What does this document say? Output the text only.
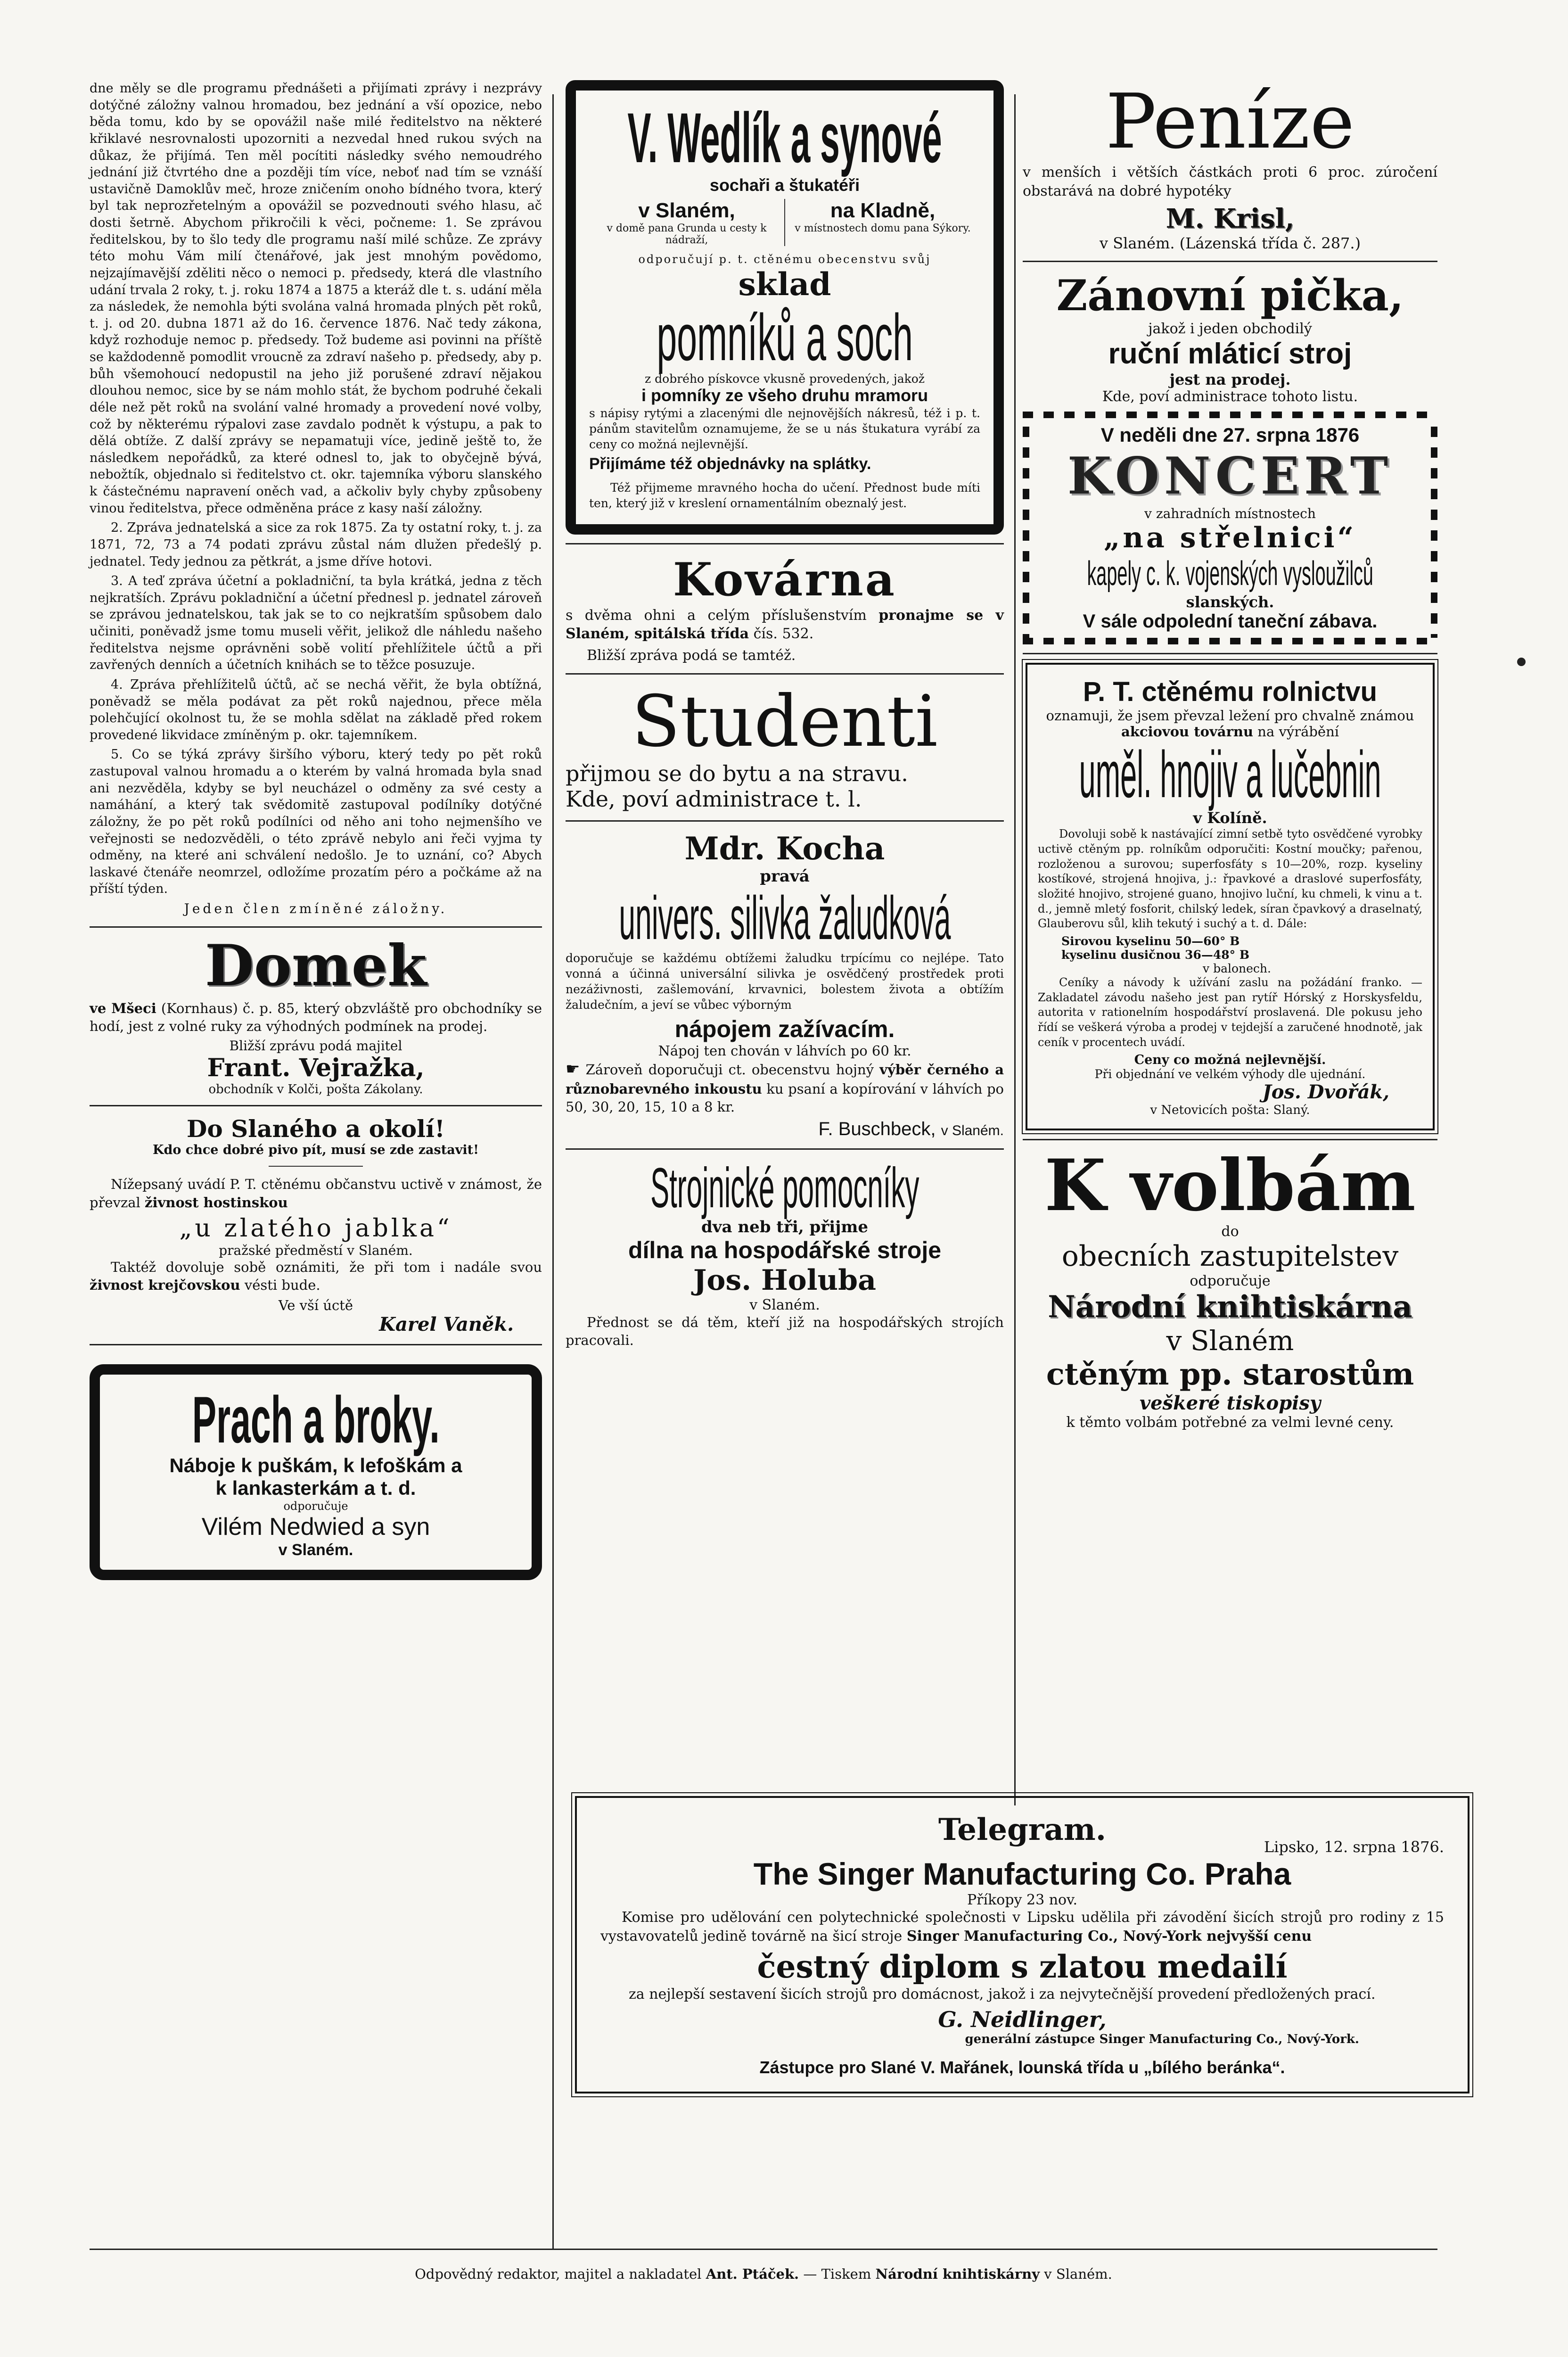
dne měly se dle programu přednášeti a přijímati zprávy i nezprávy dotýčné záložny valnou hromadou, bez jednání a vší opozice, nebo běda tomu, kdo by se opovážil naše milé ředitelstvo na některé křiklavé nesrovnalosti upozorniti a nezvedal hned rukou svých na důkaz, že přijímá. Ten měl pocítiti následky svého nemoudrého jednání již čtvrtého dne a později tím více, neboť nad tím se vznáší ustavičně Damoklův meč, hroze zničením onoho bídného tvora, který byl tak neprozřetelným a opovážil se pozvednouti svého hlasu, ač dosti šetrně. Abychom přikročili k věci, počneme: 1. Se zprávou ředitelskou, by to šlo tedy dle programu naší milé schůze. Ze zprávy této mohu Vám milí čtenářové, jak jest mnohým povědomo, nejzajímavější zděliti něco o nemoci p. předsedy, která dle vlastního udání trvala 2 roky, t. j. roku 1874 a 1875 a kteráž dle t. s. udání měla za následek, že nemohla býti svolána valná hromada plných pět roků, t. j. od 20. dubna 1871 až do 16. července 1876. Nač tedy zákona, když rozhoduje nemoc p. předsedy. Tož budeme asi povinni na příště se každodenně pomodlit vroucně za zdraví našeho p. předsedy, aby p. bůh všemohoucí nedopustil na jeho již porušené zdraví nějakou dlouhou nemoc, sice by se nám mohlo stát, že bychom podruhé čekali déle než pět roků na svolání valné hromady a provedení nové volby, což by některému rýpalovi zase zavdalo podnět k výstupu, a pak to dělá obtíže. Z další zprávy se nepamatuji více, jedině ještě to, že následkem nepořádků, za které odnesl to, jak to obyčejně bývá, nebožtík, objednalo si ředitelstvo ct. okr. tajemníka výboru slanského k částečnému napravení oněch vad, a ačkoliv byly chyby způsobeny vinou ředitelstva, přece odměněna práce z kasy naší záložny.

2. Zpráva jednatelská a sice za rok 1875. Za ty ostatní roky, t. j. za 1871, 72, 73 a 74 podati zprávu zůstal nám dlužen předešlý p. jednatel. Tedy jednou za pětkrát, a jsme dříve hotovi.

3. A teď zpráva účetní a pokladniční, ta byla krátká, jedna z těch nejkratších. Zprávu pokladniční a účetní přednesl p. jednatel zároveň se zprávou jednatelskou, tak jak se to co nejkratším spůsobem dalo učiniti, poněvadž jsme tomu museli věřit, jelikož dle náhledu našeho ředitelstva nejsme oprávněni sobě volití přehlížitele účtů a při zavřených denních a účetních knihách se to těžce posuzuje.

4. Zpráva přehlížitelů účtů, ač se nechá věřit, že byla obtížná, poněvadž se měla podávat za pět roků najednou, přece měla polehčující okolnost tu, že se mohla sdělat na základě před rokem provedené likvidace zmíněným p. okr. tajemníkem.

5. Co se týká zprávy širšího výboru, který tedy po pět roků zastupoval valnou hromadu a o kterém by valná hromada byla snad ani nezvěděla, kdyby se byl neucházel o odměny za své cesty a namáhání, a který tak svědomitě zastupoval podílníky dotýčné záložny, že po pět roků podílníci od něho ani toho nejmenšího ve veřejnosti se nedozvěděli, o této zprávě nebylo ani řeči vyjma ty odměny, na které ani schválení nedošlo. Je to uznání, co? Abych laskavé čtenáře neomrzel, odložíme prozatím péro a počkáme až na příští týden.

Jeden člen zmíněné záložny.

Domek

ve Mšeci (Kornhaus) č. p. 85, který obzvláště pro obchodníky se hodí, jest z volné ruky za výhodných podmínek na prodej.

Bližší zprávu podá majitel
Frant. Vejražka,
obchodník v Kolči, pošta Zákolany.
Do Slaného a okolí!
Kdo chce dobré pivo pít, musí se zde zastavit!

Nížepsaný uvádí P. T. ctěnému občanstvu uctivě v známost, že převzal živnost hostinskou

„u zlatého jablka“
pražské předměstí v Slaném.

Taktéž dovoluje sobě oznámiti, že při tom i nadále svou živnost krejčovskou vésti bude.

Ve vší úctě
Karel Vaněk.
Prach a broky.
Náboje k puškám, k lefoškám a
k lankasterkám a t. d.
odporučuje
Vilém Nedwied a syn
v Slaném.
V. Wedlík a synové
sochaři a štukatéři
v Slaném,
v domě pana Grunda u cesty k nádraží,
na Kladně,
v místnostech domu pana Sýkory.
odporučují p. t. ctěnému obecenstvu svůj
sklad
pomníků a soch
z dobrého pískovce vkusně provedených, jakož
i pomníky ze všeho druhu mramoru

s nápisy rytými a zlacenými dle nejnovějších nákresů, též i p. t. pánům stavitelům oznamujeme, že se u nás štukatura vyrábí za ceny co možná nejlevnější.

Přijímáme též objednávky na splátky.

Též přijmeme mravného hocha do učení. Přednost bude míti ten, který již v kreslení ornamentálním obeznalý jest.

Kovárna

s dvěma ohni a celým příslušenstvím pronajme se v Slaném, spitálská třída čís. 532.

Bližší zpráva podá se tamtéž.

Studenti
přijmou se do bytu a na stravu.
Kde, poví administrace t. l.
Mdr. Kocha
pravá
univers. silivka žaludková

doporučuje se každému obtížemi žaludku trpícímu co nejlépe. Tato vonná a účinná universální silivka je osvědčený prostředek proti nezáživnosti, zašlemování, krvavnici, bolestem života a obtížím žaludečním, a jeví se vůbec výborným

nápojem zažívacím.
Nápoj ten chován v láhvích po 60 kr.

☛ Zároveň doporučuji ct. obecenstvu hojný výběr černého a různobarevného inkoustu ku psaní a kopírování v láhvích po 50, 30, 20, 15, 10 a 8 kr.

F. Buschbeck, v Slaném.
Strojnické pomocníky
dva neb tři, přijme
dílna na hospodářské stroje
Jos. Holuba
v Slaném.

Přednost se dá těm, kteří již na hospodářských strojích pracovali.

Peníze

v menších i větších částkách proti 6 proc. zúročení obstarává na dobré hypotéky

M. Krisl,
v Slaném. (Lázenská třída č. 287.)
Zánovní pička,
jakož i jeden obchodilý
ruční mláticí stroj
jest na prodej.
Kde, poví administrace tohoto listu.
V neděli dne 27. srpna 1876
KONCERT
v zahradních místnostech
„na střelnici“
kapely c. k. vojenských vysloužilců
slanských.
V sále odpolední taneční zábava.
P. T. ctěnému rolnictvu
oznamuji, že jsem převzal ležení pro chvalně známou akciovou továrnu na výrábění
uměl. hnojiv a lučebnin
v Kolíně.

Dovoluji sobě k nastávající zimní setbě tyto osvědčené vyrobky uctivě ctěným pp. rolníkům odporučiti: Kostní moučky; pařenou, rozloženou a surovou; superfosfáty s 10—20%, rozp. kyseliny kostíkové, strojená hnojiva, j.: řpavkové a draslové superfosfáty, složité hnojivo, strojené guano, hnojivo luční, ku chmeli, k vinu a t. d., jemně mletý fosforit, chilský ledek, síran čpavkový a draselnatý, Glauberovu sůl, klih tekutý i suchý a t. d. Dále:

Sirovou kyselinu 50—60° B
kyselinu dusičnou 36—48° B
v balonech.

Ceníky a návody k užívání zaslu na požádání franko. — Zakladatel závodu našeho jest pan rytíř Hórský z Horskysfeldu, autorita v rationelním hospodářství proslavená. Dle pokusu jeho řídí se veškerá výroba a prodej v tejdejší a zaručené hnodnotě, jak ceník v procentech uvádí.

Ceny co možná nejlevnější.
Při objednání ve velkém výhody dle ujednání.
Jos. Dvořák,
v Netovicích pošta: Slaný.
K volbám
do
obecních zastupitelstev
odporučuje
Národní knihtiskárna
v Slaném
ctěným pp. starostům
veškeré tiskopisy
k těmto volbám potřebné za velmi levné ceny.
Telegram.	Lipsko, 12. srpna 1876.
The Singer Manufacturing Co. Praha
Příkopy 23 nov.

Komise pro udělování cen polytechnické společnosti v Lipsku udělila při závodění šicích strojů pro rodiny z 15 vystavovatelů jedině továrně na šicí stroje Singer Manufacturing Co., Nový-York nejvyšší cenu

čestný diplom s zlatou medailí

za nejlepší sestavení šicích strojů pro domácnost, jakož i za nejvytečnější provedení předložených prací.

G. Neidlinger,
generální zástupce Singer Manufacturing Co., Nový-York.
Zástupce pro Slané V. Mařánek, lounská třída u „bílého beránka“.
Odpovědný redaktor, majitel a nakladatel Ant. Ptáček. — Tiskem Národní knihtiskárny v Slaném.
